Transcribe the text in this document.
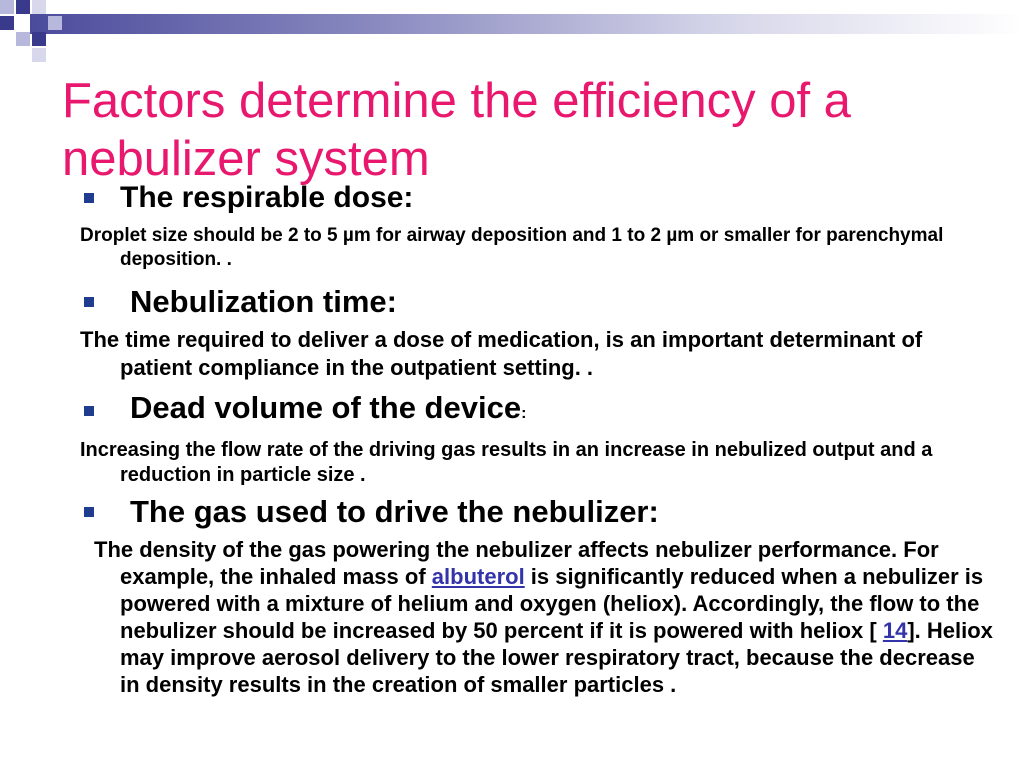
Factors determine the efficiency of a nebulizer system

The respirable dose:

Droplet size should be 2 to 5 µm for airway deposition and 1 to 2 µm or smaller for parenchymal deposition. .

Nebulization time:

The time required to deliver a dose of medication, is an important determinant of patient compliance in the outpatient setting. .

Dead volume of the device:

Increasing the flow rate of the driving gas results in an increase in nebulized output and a reduction in particle size .

The gas used to drive the nebulizer:

The density of the gas powering the nebulizer affects nebulizer performance. For example, the inhaled mass of albuterol is significantly reduced when a nebulizer is powered with a mixture of helium and oxygen (heliox). Accordingly, the flow to the nebulizer should be increased by 50 percent if it is powered with heliox [ 14]. Heliox may improve aerosol delivery to the lower respiratory tract, because the decrease in density results in the creation of smaller particles .
